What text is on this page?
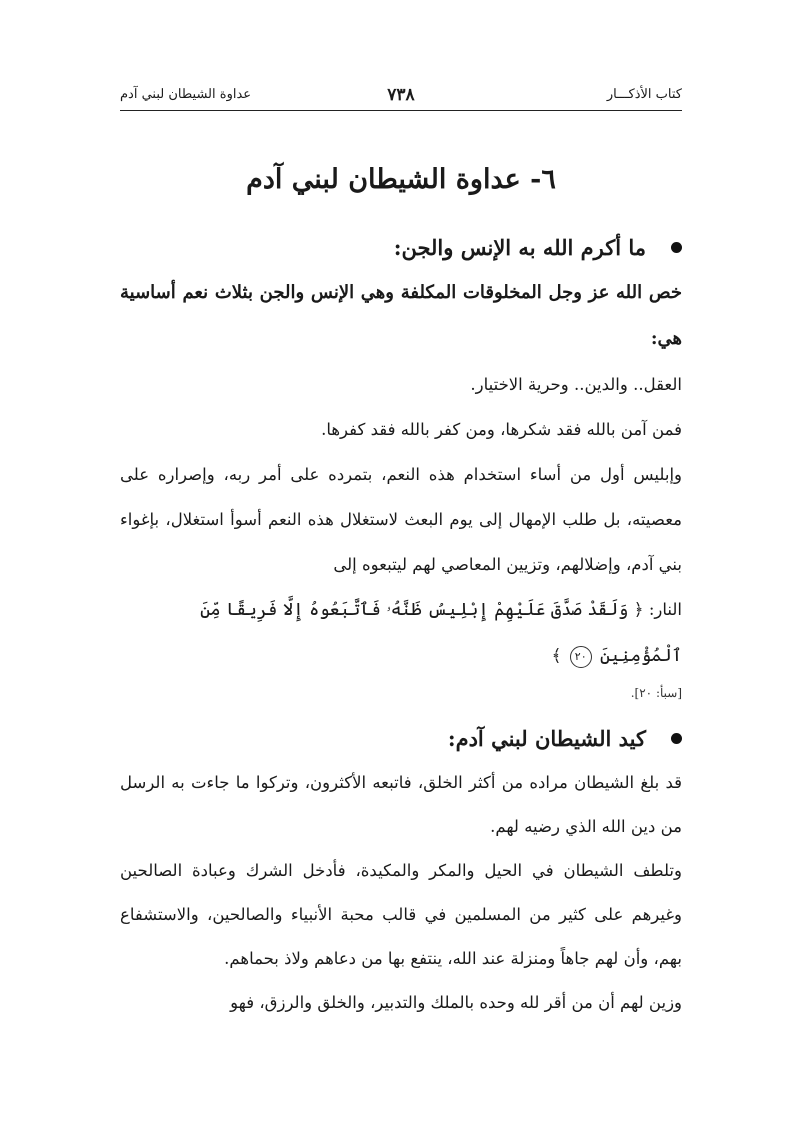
كتاب الأذكـــار
٧٣٨
عداوة الشيطان لبني آدم
٦- عداوة الشيطان لبني آدم
ما أكرم الله به الإنس والجن:
خص الله عز وجل المخلوقات المكلفة وهي الإنس والجن بثلاث نعم أساسية هي:

العقل.. والدين.. وحرية الاختيار.

فمن آمن بالله فقد شكرها، ومن كفر بالله فقد كفرها.

وإبليس أول من أساء استخدام هذه النعم، بتمرده على أمر ربه، وإصراره على معصيته، بل طلب الإمهال إلى يوم البعث لاستغلال هذه النعم أسوأ استغلال، بإغواء بني آدم، وإضلالهم، وتزيين المعاصي لهم ليتبعوه إلى

النار: ﴿ وَلَقَدْ صَدَّقَ عَلَيْهِمْ إِبْلِيسُ ظَنَّهُۥ فَٱتَّبَعُوهُ إِلَّا فَرِيقًا مِّنَ ٱلْمُؤْمِنِينَ ٢٠ ﴾
[سبأ: ٢٠].
كيد الشيطان لبني آدم:

قد بلغ الشيطان مراده من أكثر الخلق، فاتبعه الأكثرون، وتركوا ما جاءت به الرسل من دين الله الذي رضيه لهم.

وتلطف الشيطان في الحيل والمكر والمكيدة، فأدخل الشرك وعبادة الصالحين وغيرهم على كثير من المسلمين في قالب محبة الأنبياء والصالحين، والاستشفاع بهم، وأن لهم جاهاً ومنزلة عند الله، ينتفع بها من دعاهم ولاذ بحماهم.

وزين لهم أن من أقر لله وحده بالملك والتدبير، والخلق والرزق، فهو
